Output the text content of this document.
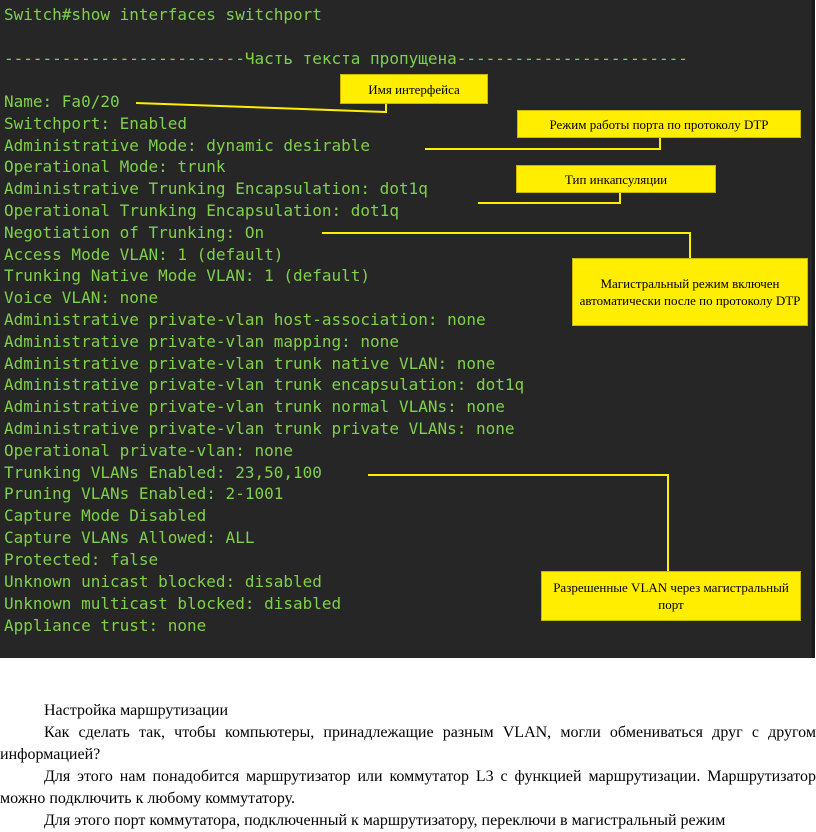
Switch#show interfaces switchport
-------------------------Часть текста пропущена------------------------
Name: Fa0/20
Switchport: Enabled
Administrative Mode: dynamic desirable
Operational Mode: trunk
Administrative Trunking Encapsulation: dot1q
Operational Trunking Encapsulation: dot1q
Negotiation of Trunking: On
Access Mode VLAN: 1 (default)
Trunking Native Mode VLAN: 1 (default)
Voice VLAN: none
Administrative private-vlan host-association: none
Administrative private-vlan mapping: none
Administrative private-vlan trunk native VLAN: none
Administrative private-vlan trunk encapsulation: dot1q
Administrative private-vlan trunk normal VLANs: none
Administrative private-vlan trunk private VLANs: none
Operational private-vlan: none
Trunking VLANs Enabled: 23,50,100
Pruning VLANs Enabled: 2-1001
Capture Mode Disabled
Capture VLANs Allowed: ALL
Protected: false
Unknown unicast blocked: disabled
Unknown multicast blocked: disabled
Appliance trust: none
Имя интерфейса
Режим работы порта по протоколу DTP
Тип инкапсуляции
Магистральный режим включен автоматически после по протоколу DTP
Разрешенные VLAN через магистральный порт

Настройка маршрутизации

Как сделать так, чтобы компьютеры, принадлежащие разным VLAN, могли обмениваться друг с другом информацией?

Для этого нам понадобится маршрутизатор или коммутатор L3 с функцией маршрутизации. Маршрутизатор можно подключить к любому коммутатору.

Для этого порт коммутатора, подключенный к маршрутизатору, переключи в магистральный режим
